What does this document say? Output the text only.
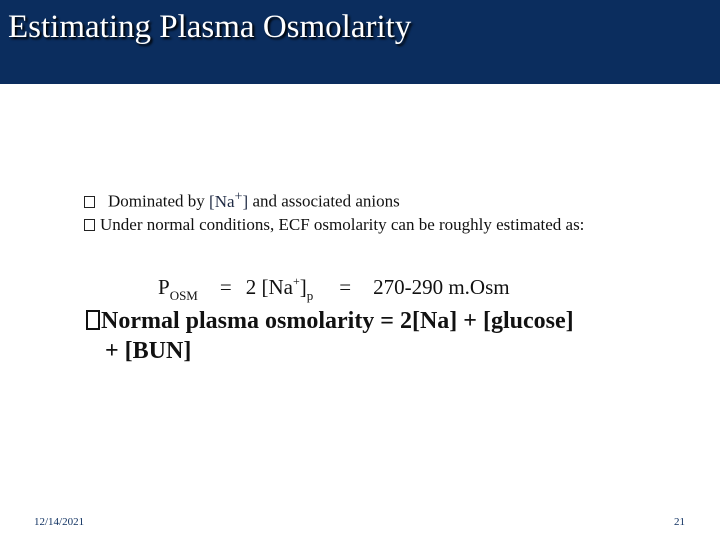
Estimating Plasma Osmolarity
Dominated by [Na+] and associated anions
Under normal conditions, ECF osmolarity can be roughly estimated as:
$P_{OSM} = 2$ $[Na^+]_p = 270-290$ m.Osm
Normal plasma osmolarity = 2[Na] + [glucose]
+ [BUN]
12/14/2021	21
